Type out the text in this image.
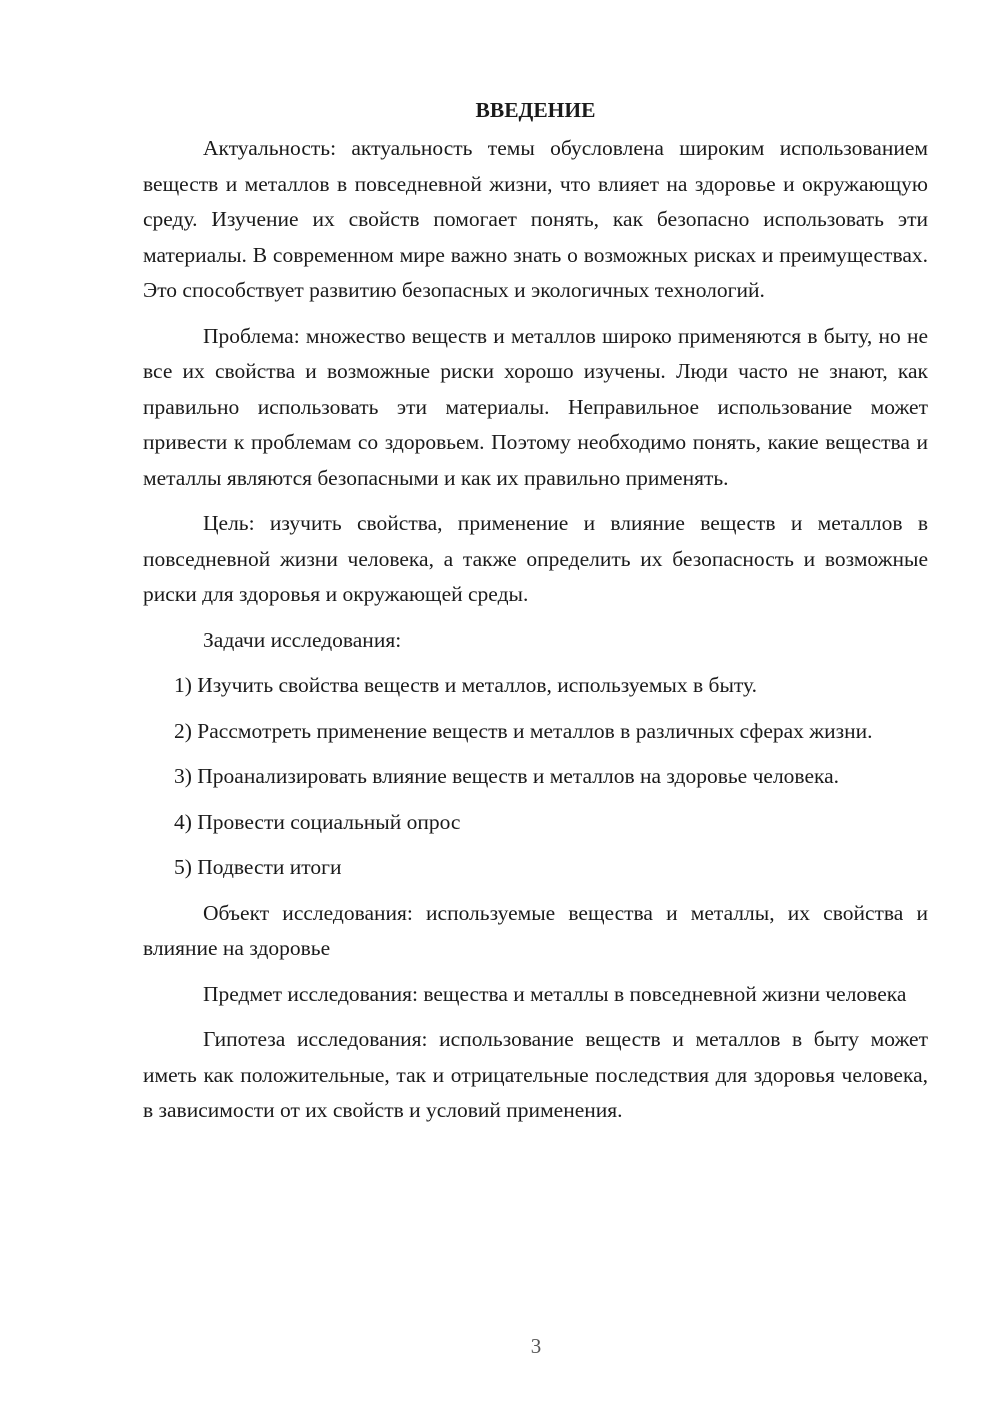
ВВЕДЕНИЕ

Актуальность: актуальность темы обусловлена широким использованием веществ и металлов в повседневной жизни, что влияет на здоровье и окружающую среду. Изучение их свойств помогает понять, как безопасно использовать эти материалы. В современном мире важно знать о возможных рисках и преимуществах. Это способствует развитию безопасных и экологичных технологий.

Проблема: множество веществ и металлов широко применяются в быту, но не все их свойства и возможные риски хорошо изучены. Люди часто не знают, как правильно использовать эти материалы. Неправильное использование может привести к проблемам со здоровьем. Поэтому необходимо понять, какие вещества и металлы являются безопасными и как их правильно применять.

Цель: изучить свойства, применение и влияние веществ и металлов в повседневной жизни человека, а также определить их безопасность и возможные риски для здоровья и окружающей среды.

Задачи исследования:

1) Изучить свойства веществ и металлов, используемых в быту.

2) Рассмотреть применение веществ и металлов в различных сферах жизни.

3) Проанализировать влияние веществ и металлов на здоровье человека.

4) Провести социальный опрос

5) Подвести итоги

Объект исследования: используемые вещества и металлы, их свойства и влияние на здоровье

Предмет исследования: вещества и металлы в повседневной жизни человека

Гипотеза исследования: использование веществ и металлов в быту может иметь как положительные, так и отрицательные последствия для здоровья человека, в зависимости от их свойств и условий применения.

3
